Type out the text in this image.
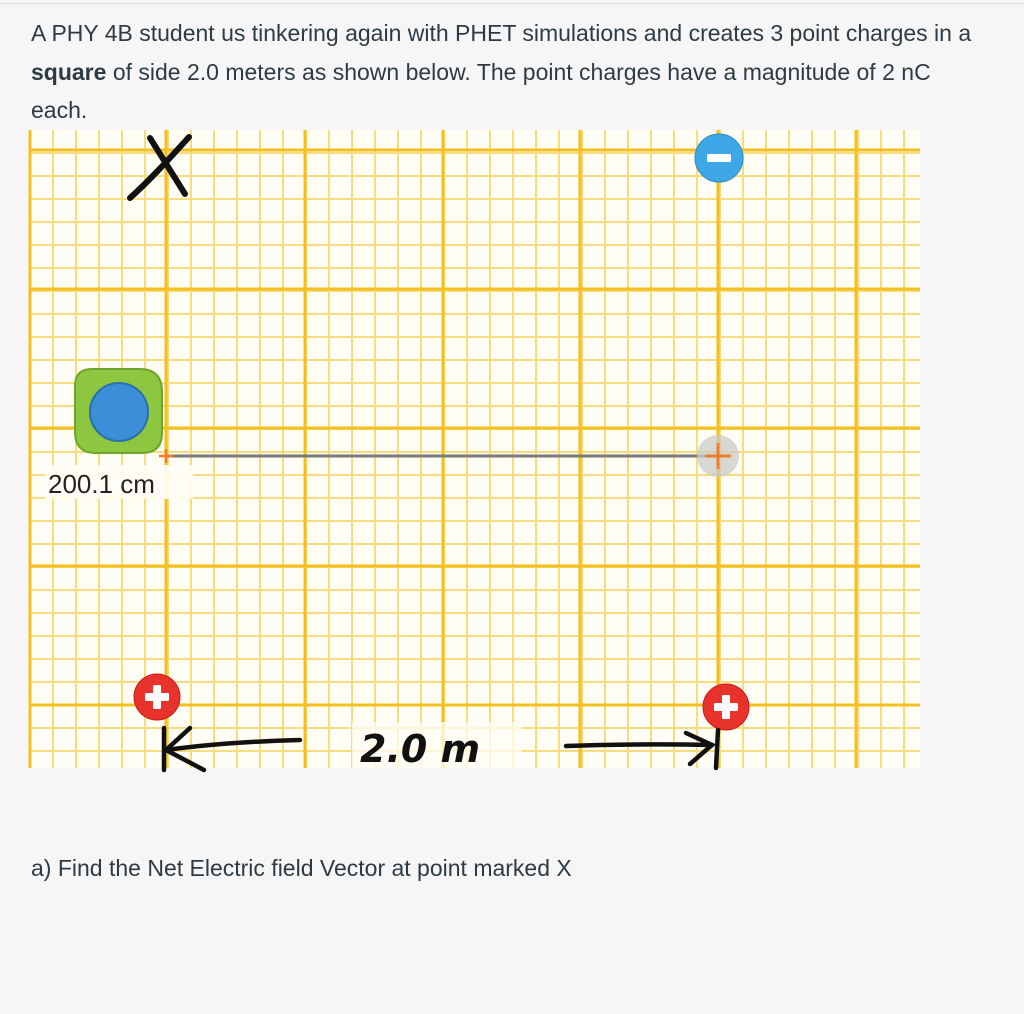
A PHY 4B student us tinkering again with PHET simulations and creates 3 point charges in a square of side 2.0 meters as shown below. The point charges have a magnitude of 2 nC each.
X
200.1 cm
2.0 m
a) Find the Net Electric field Vector at point marked X
